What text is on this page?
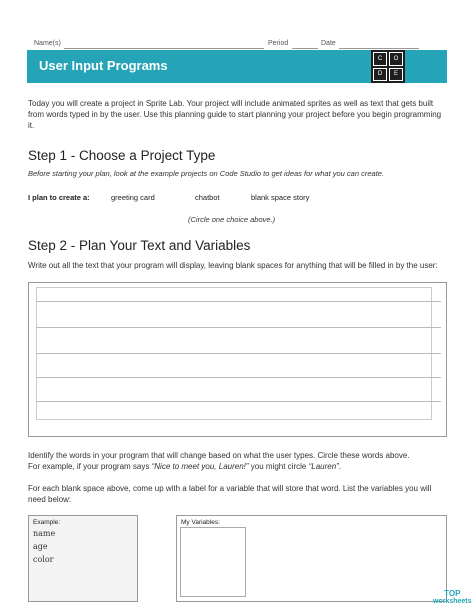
Name(s)	Period	Date
User Input Programs	C	O
D	E
Today you will create a project in Sprite Lab. Your project will include animated sprites as well as text that gets built from words typed in by the user. Use this planning guide to start planning your project before you begin programming it.
Step 1 - Choose a Project Type
Before starting your plan, look at the example projects on Code Studio to get ideas for what you can create.
I plan to create a:	greeting card	chatbot	blank space story
(Circle one choice above.)
Step 2 - Plan Your Text and Variables
Write out all the text that your program will display, leaving blank spaces for anything that will be filled in by the user:
Identify the words in your program that will change based on what the user types. Circle these words above.
For example, if your program says “Nice to meet you, Lauren!” you might circle “Lauren”.
For each blank space above, come up with a label for a variable that will store that word. List the variables you will need below:
Example:
name
age
color
My Variables:
TOP
worksheets
